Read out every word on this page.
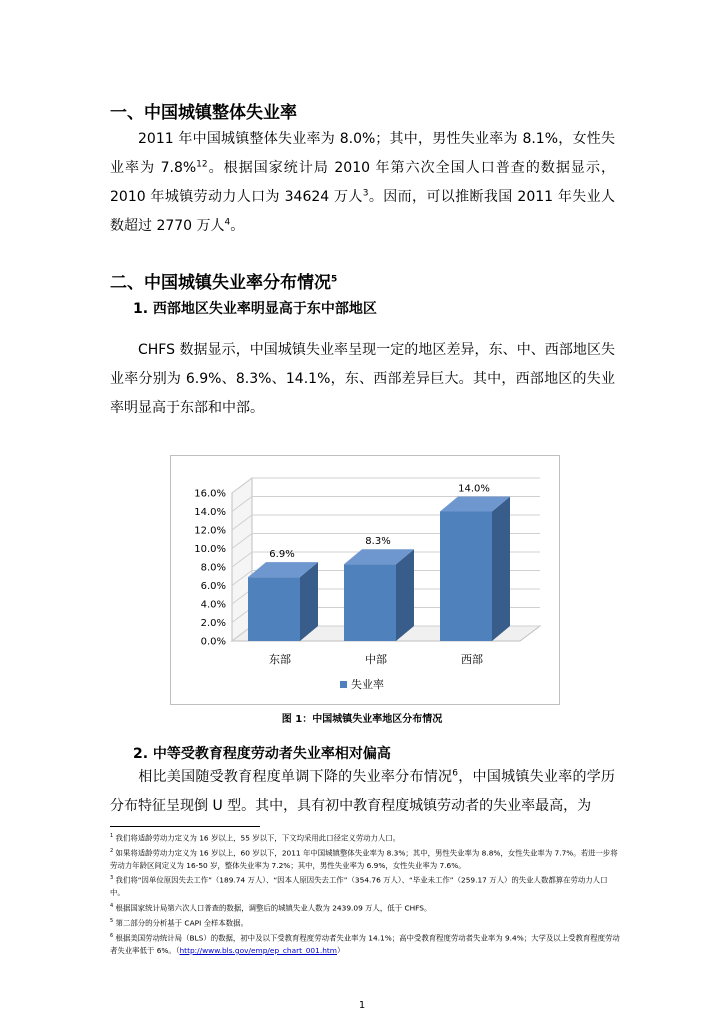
一、中国城镇整体失业率

2011 年中国城镇整体失业率为 8.0%；其中，男性失业率为 8.1%，女性失业率为 7.8%$^{12}$。根据国家统计局 2010 年第六次全国人口普查的数据显示，2010 年城镇劳动力人口为 34624 万人$^3$。因而，可以推断我国 2011 年失业人数超过 2770 万人$^4$。

二、中国城镇失业率分布情况$^5$
1. 西部地区失业率明显高于东中部地区

CHFS 数据显示，中国城镇失业率呈现一定的地区差异，东、中、西部地区失业率分别为 6.9%、8.3%、14.1%，东、西部差异巨大。其中，西部地区的失业率明显高于东部和中部。

0.0%
2.0%
4.0%
6.0%
8.0%
10.0%
12.0%
14.0%
16.0%
6.9%
东部
8.3%
中部
14.0%
西部
失业率
图 1：中国城镇失业率地区分布情况
2. 中等受教育程度劳动者失业率相对偏高

相比美国随受教育程度单调下降的失业率分布情况$^6$，中国城镇失业率的学历分布特征呈现倒 U 型。其中，具有初中教育程度城镇劳动者的失业率最高，为

$^1$ 我们将适龄劳动力定义为 16 岁以上，55 岁以下，下文均采用此口径定义劳动力人口。

$^2$ 如果将适龄劳动力定义为 16 岁以上，60 岁以下，2011 年中国城镇整体失业率为 8.3%；其中，男性失业率为 8.8%，女性失业率为 7.7%。若进一步将劳动力年龄区间定义为 16-50 岁，整体失业率为 7.2%；其中，男性失业率为 6.9%，女性失业率为 7.6%。

$^3$ 我们将“因单位原因失去工作”（189.74 万人）、“因本人原因失去工作”（354.76 万人）、“毕业未工作”（259.17 万人）的失业人数都算在劳动力人口中。

$^4$ 根据国家统计局第六次人口普查的数据，调整后的城镇失业人数为 2439.09 万人，低于 CHFS。

$^5$ 第二部分的分析基于 CAPI 全样本数据。

$^6$ 根据美国劳动统计局（BLS）的数据，初中及以下受教育程度劳动者失业率为 14.1%；高中受教育程度劳动者失业率为 9.4%；大学及以上受教育程度劳动者失业率低于 6%。（http://www.bls.gov/emp/ep_chart_001.htm）

1
